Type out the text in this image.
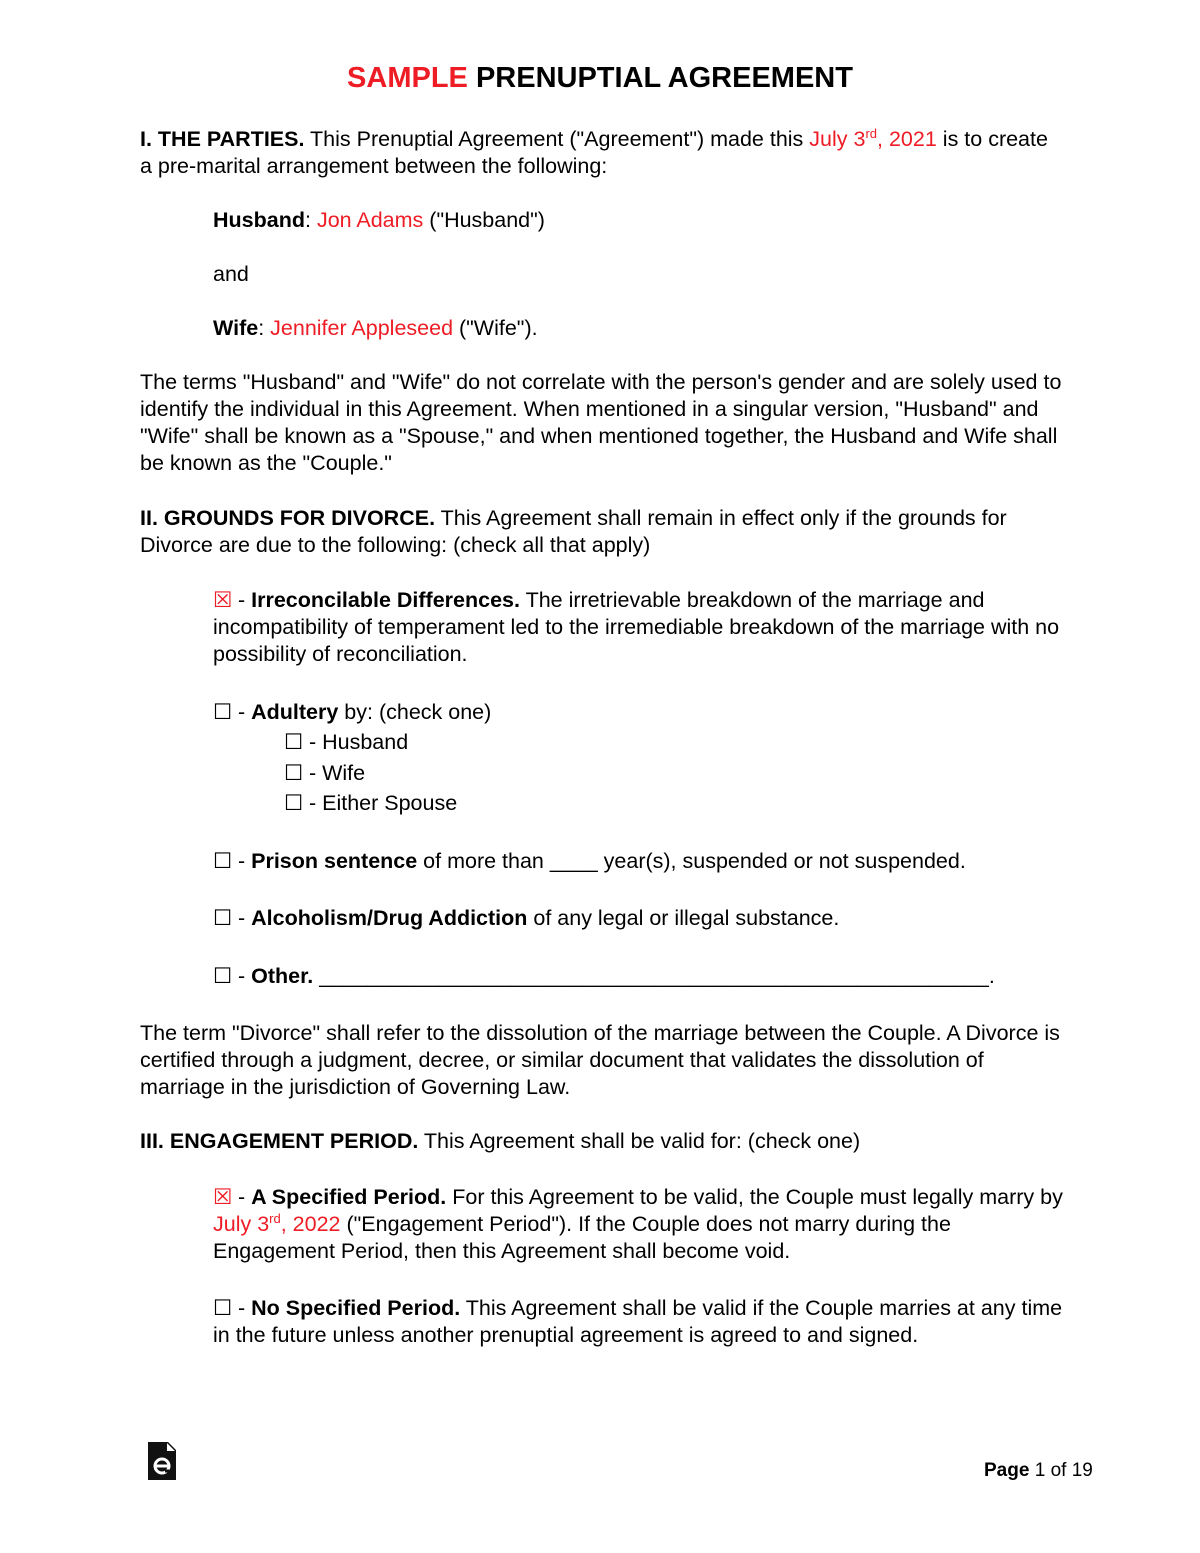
SAMPLE PRENUPTIAL AGREEMENT
I. THE PARTIES. This Prenuptial Agreement ("Agreement") made this July 3rd, 2021 is to create a pre-marital arrangement between the following:
Husband: Jon Adams ("Husband")
and
Wife: Jennifer Appleseed ("Wife").
The terms "Husband" and "Wife" do not correlate with the person's gender and are solely used to identify the individual in this Agreement. When mentioned in a singular version, "Husband" and "Wife" shall be known as a "Spouse," and when mentioned together, the Husband and Wife shall be known as the "Couple."
II. GROUNDS FOR DIVORCE. This Agreement shall remain in effect only if the grounds for Divorce are due to the following: (check all that apply)
☒ - Irreconcilable Differences. The irretrievable breakdown of the marriage and incompatibility of temperament led to the irremediable breakdown of the marriage with no possibility of reconciliation.
☐ - Adultery by: (check one)
☐ - Husband
☐ - Wife
☐ - Either Spouse
☐ - Prison sentence of more than ____ year(s), suspended or not suspended.
☐ - Alcoholism/Drug Addiction of any legal or illegal substance.
☐ - Other. ________________________________________________________.
The term "Divorce" shall refer to the dissolution of the marriage between the Couple. A Divorce is certified through a judgment, decree, or similar document that validates the dissolution of marriage in the jurisdiction of Governing Law.
III. ENGAGEMENT PERIOD. This Agreement shall be valid for: (check one)
☒ - A Specified Period. For this Agreement to be valid, the Couple must legally marry by July 3rd, 2022 ("Engagement Period"). If the Couple does not marry during the Engagement Period, then this Agreement shall become void.
☐ - No Specified Period. This Agreement shall be valid if the Couple marries at any time in the future unless another prenuptial agreement is agreed to and signed.
Page 1 of 19
